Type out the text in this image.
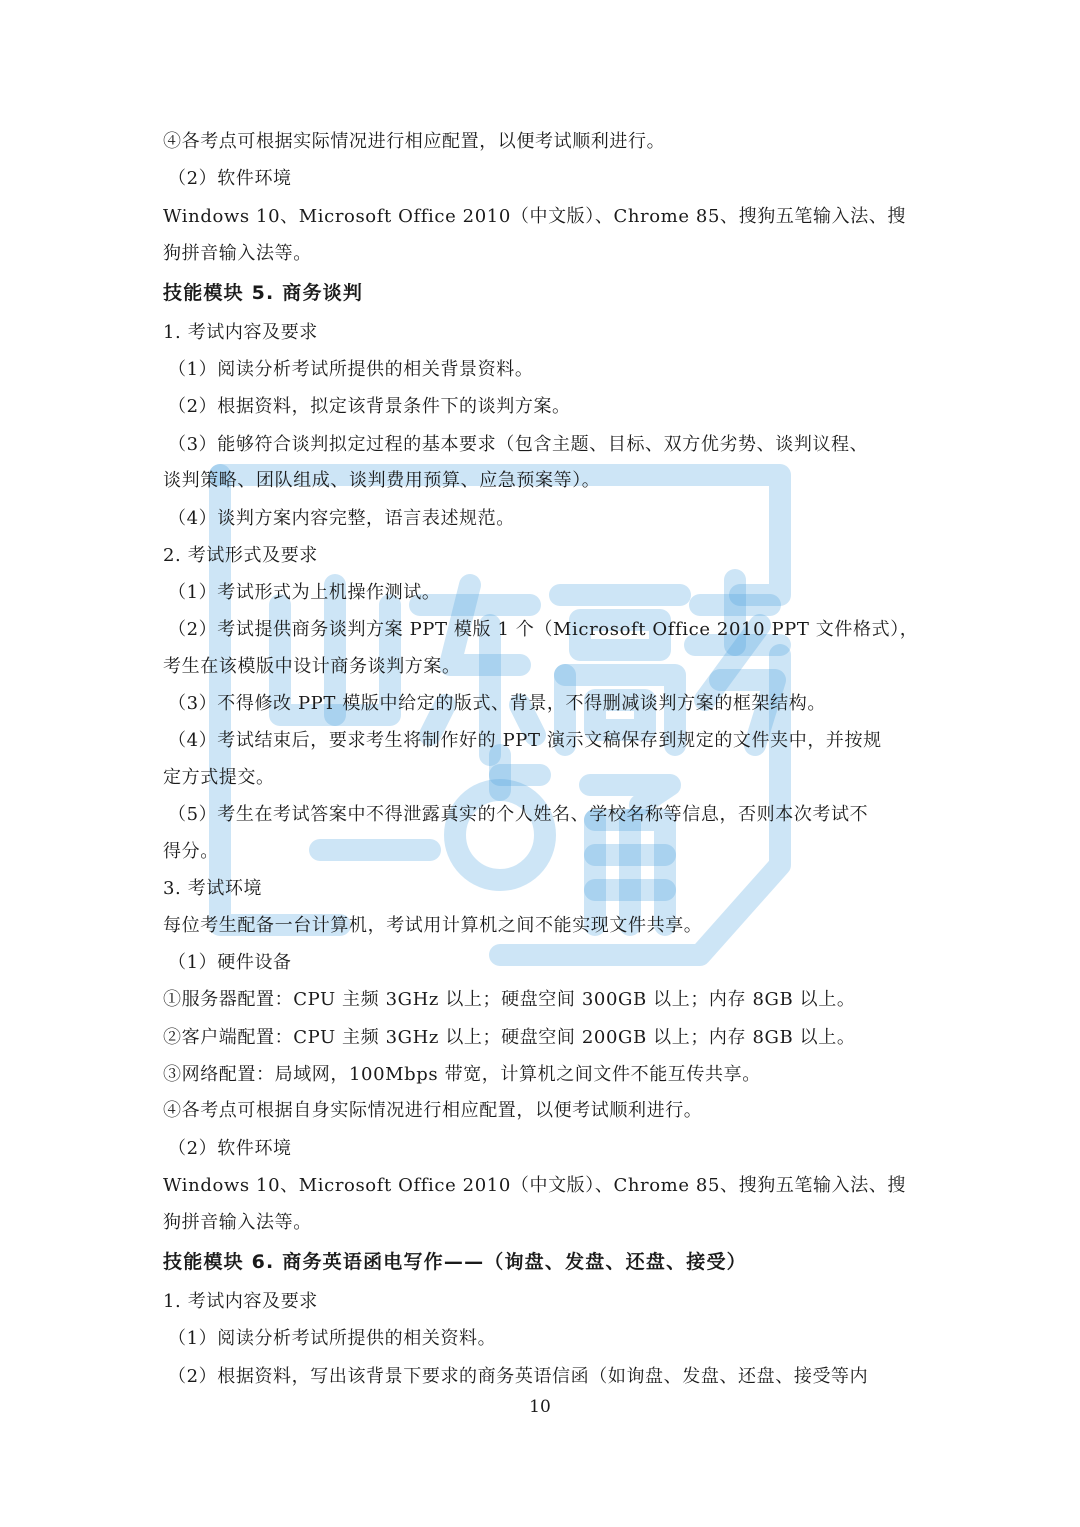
④各考点可根据实际情况进行相应配置，以便考试顺利进行。

（2）软件环境

Windows 10、Microsoft Office 2010（中文版）、Chrome 85、搜狗五笔输入法、搜

狗拼音输入法等。

技能模块 5. 商务谈判

1. 考试内容及要求

（1）阅读分析考试所提供的相关背景资料。

（2）根据资料，拟定该背景条件下的谈判方案。

（3）能够符合谈判拟定过程的基本要求（包含主题、目标、双方优劣势、谈判议程、

谈判策略、团队组成、谈判费用预算、应急预案等）。

（4）谈判方案内容完整，语言表述规范。

2. 考试形式及要求

（1）考试形式为上机操作测试。

（2）考试提供商务谈判方案 PPT 模版 1 个（Microsoft Office 2010 PPT 文件格式），

考生在该模版中设计商务谈判方案。

（3）不得修改 PPT 模版中给定的版式、背景，不得删减谈判方案的框架结构。

（4）考试结束后，要求考生将制作好的 PPT 演示文稿保存到规定的文件夹中，并按规

定方式提交。

（5）考生在考试答案中不得泄露真实的个人姓名、学校名称等信息，否则本次考试不

得分。

3. 考试环境

每位考生配备一台计算机，考试用计算机之间不能实现文件共享。

（1）硬件设备

①服务器配置：CPU 主频 3GHz 以上；硬盘空间 300GB 以上；内存 8GB 以上。

②客户端配置：CPU 主频 3GHz 以上；硬盘空间 200GB 以上；内存 8GB 以上。

③网络配置：局域网，100Mbps 带宽，计算机之间文件不能互传共享。

④各考点可根据自身实际情况进行相应配置，以便考试顺利进行。

（2）软件环境

Windows 10、Microsoft Office 2010（中文版）、Chrome 85、搜狗五笔输入法、搜

狗拼音输入法等。

技能模块 6. 商务英语函电写作——（询盘、发盘、还盘、接受）

1. 考试内容及要求

（1）阅读分析考试所提供的相关资料。

（2）根据资料，写出该背景下要求的商务英语信函（如询盘、发盘、还盘、接受等内

10
